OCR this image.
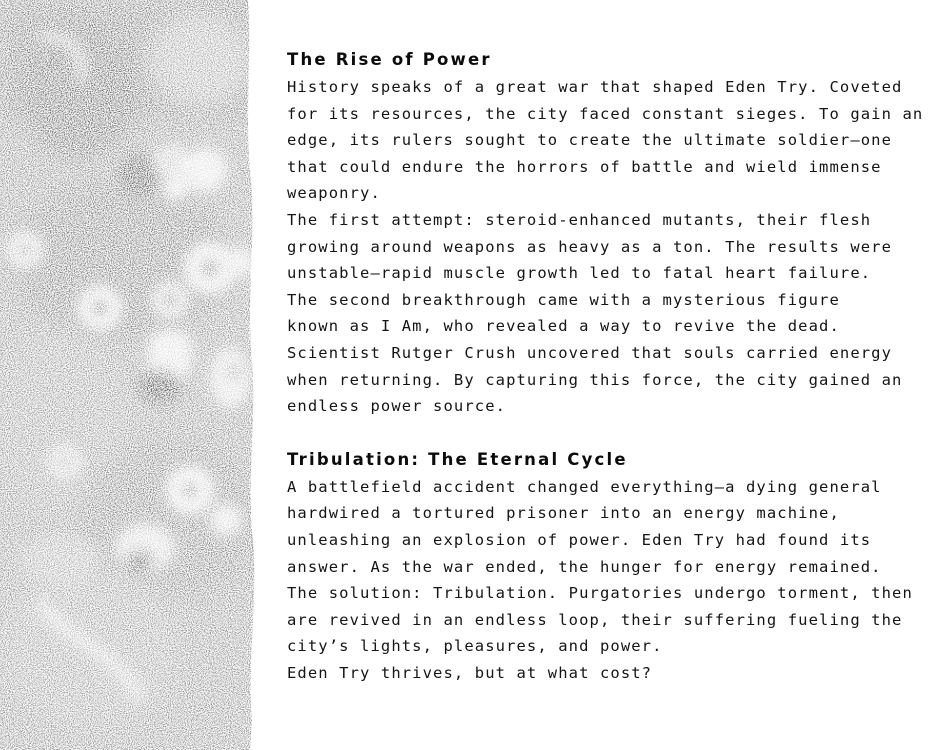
The Rise of Power

History speaks of a great war that shaped Eden Try. Coveted

for its resources, the city faced constant sieges. To gain an

edge, its rulers sought to create the ultimate soldier—one

that could endure the horrors of battle and wield immense

weaponry.

The first attempt: steroid-enhanced mutants, their flesh

growing around weapons as heavy as a ton. The results were

unstable—rapid muscle growth led to fatal heart failure.

The second breakthrough came with a mysterious figure

known as I Am, who revealed a way to revive the dead.

Scientist Rutger Crush uncovered that souls carried energy

when returning. By capturing this force, the city gained an

endless power source.

Tribulation: The Eternal Cycle

A battlefield accident changed everything—a dying general

hardwired a tortured prisoner into an energy machine,

unleashing an explosion of power. Eden Try had found its

answer. As the war ended, the hunger for energy remained.

The solution: Tribulation. Purgatories undergo torment, then

are revived in an endless loop, their suffering fueling the

city’s lights, pleasures, and power.

Eden Try thrives, but at what cost?
